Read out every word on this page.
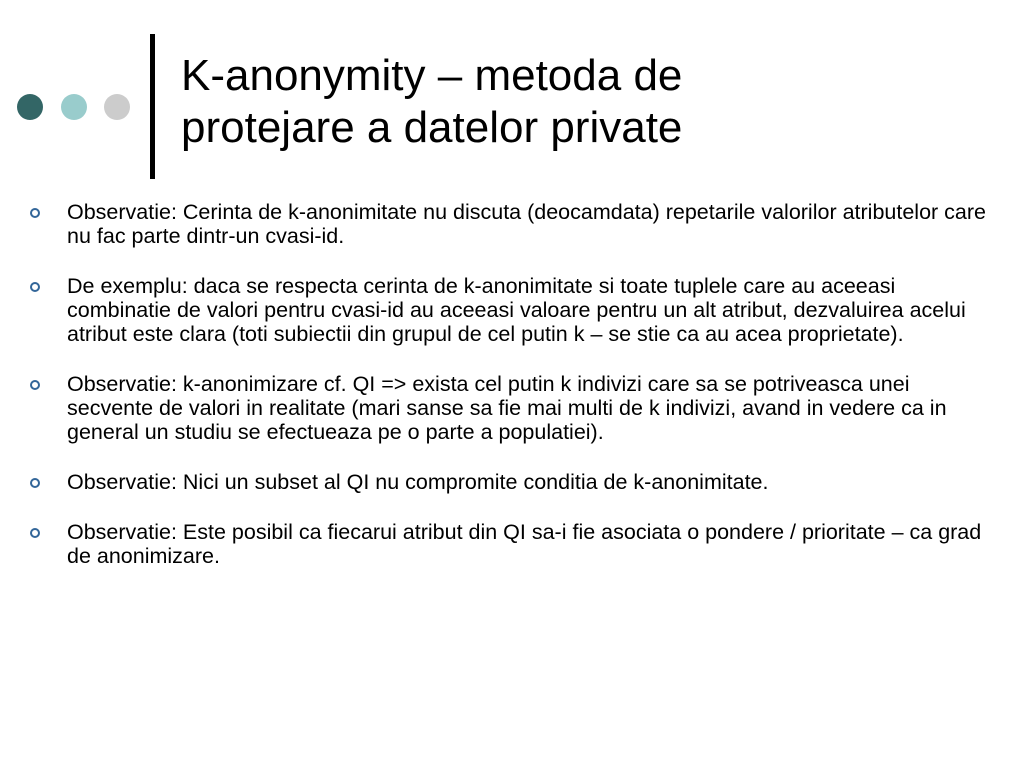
K-anonymity – metoda de
protejare a datelor private
Observatie: Cerinta de k-anonimitate nu discuta (deocamdata) repetarile valorilor atributelor care nu fac parte dintr-un cvasi-id.
De exemplu: daca se respecta cerinta de k-anonimitate si toate tuplele care au aceeasi combinatie de valori pentru cvasi-id au aceeasi valoare pentru un alt atribut, dezvaluirea acelui atribut este clara (toti subiectii din grupul de cel putin k – se stie ca au acea proprietate).
Observatie: k-anonimizare cf. QI => exista cel putin k indivizi care sa se potriveasca unei secvente de valori in realitate (mari sanse sa fie mai multi de k indivizi, avand in vedere ca in general un studiu se efectueaza pe o parte a populatiei).
Observatie: Nici un subset al QI nu compromite conditia de k-anonimitate.
Observatie: Este posibil ca fiecarui atribut din QI sa-i fie asociata o pondere / prioritate – ca grad de anonimizare.
